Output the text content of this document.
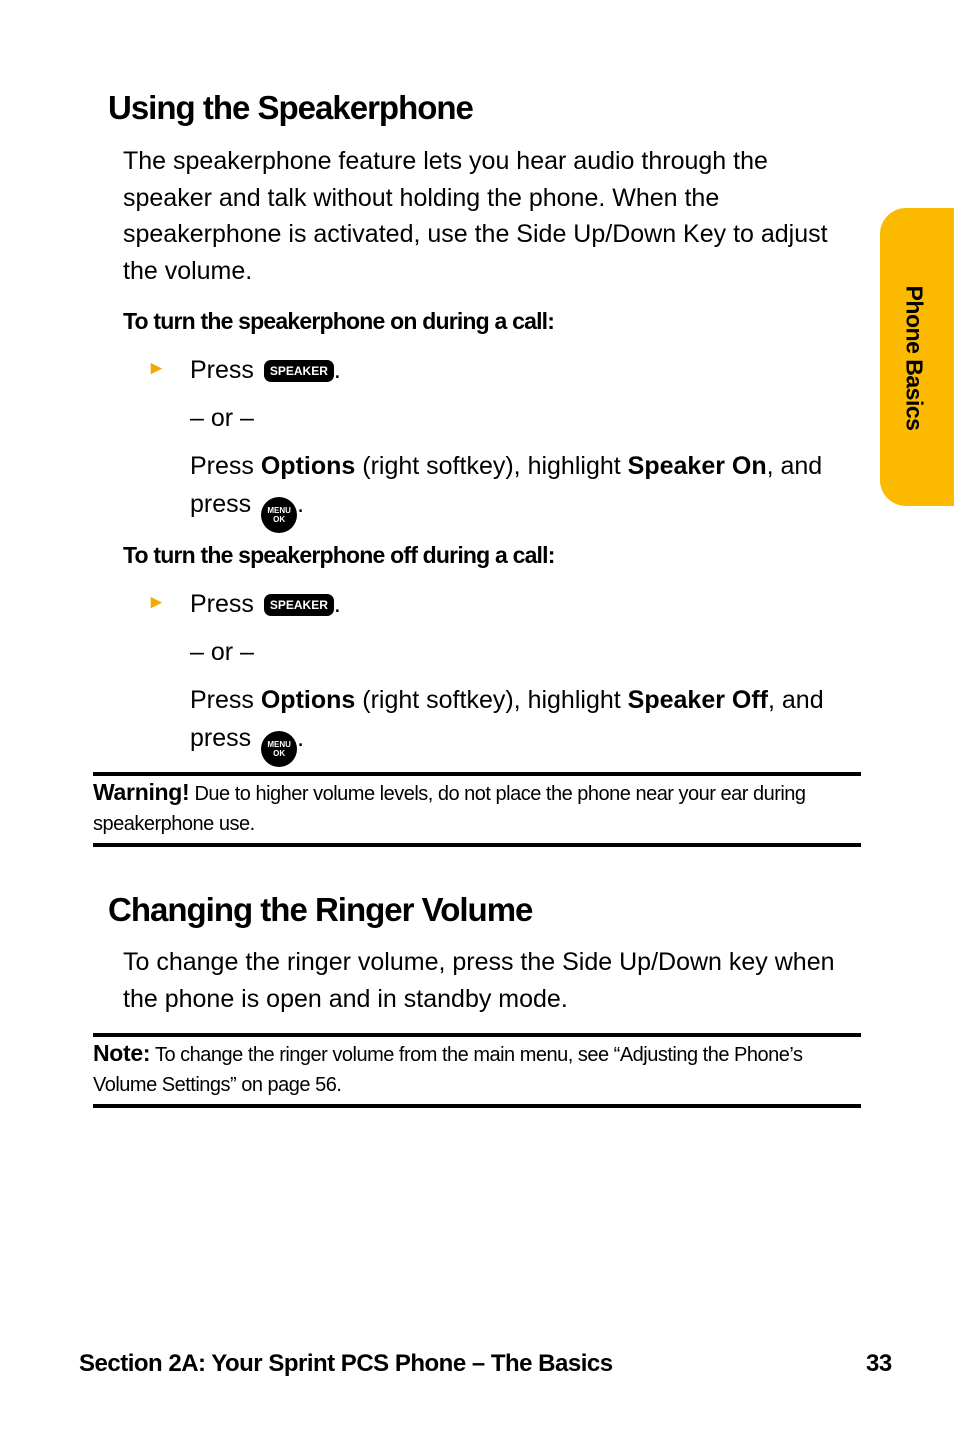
Phone Basics
Using the Speakerphone

The speakerphone feature lets you hear audio through the speaker and talk without holding the phone. When the speakerphone is activated, use the Side Up/Down Key to adjust the volume.

To turn the speakerphone on during a call:
► Press SPEAKER .
– or –
Press Options (right softkey), highlight Speaker On, and press MENU
OK.
To turn the speakerphone off during a call:
► Press SPEAKER .
– or –
Press Options (right softkey), highlight Speaker Off, and press MENU
OK.
Warning! Due to higher volume levels, do not place the phone near your ear during speakerphone use.
Changing the Ringer Volume

To change the ringer volume, press the Side Up/Down key when the phone is open and in standby mode.

Note: To change the ringer volume from the main menu, see “Adjusting the Phone’s Volume Settings” on page 56.
Section 2A: Your Sprint PCS Phone – The Basics	33
